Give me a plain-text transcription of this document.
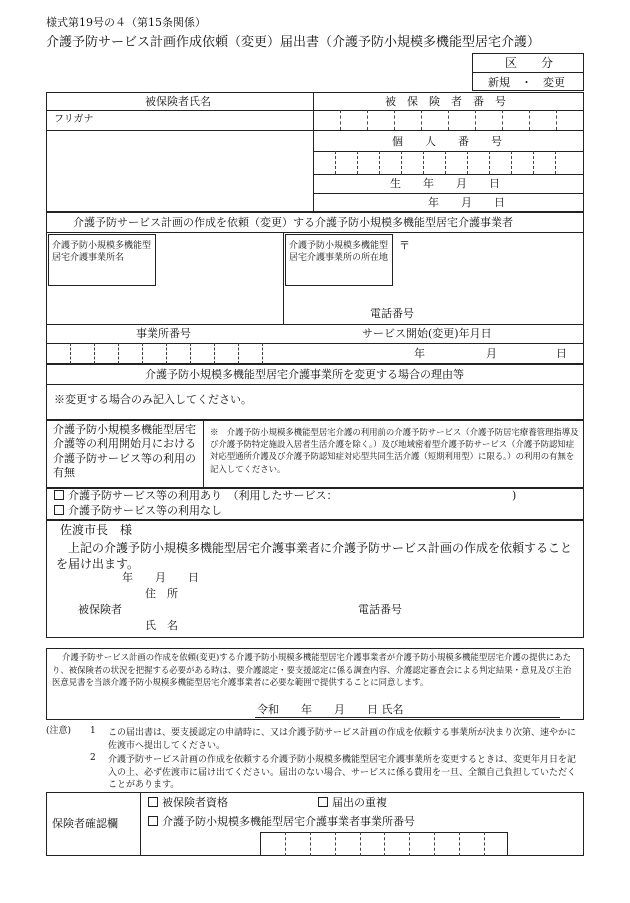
様式第19号の４（第15条関係）
介護予防サービス計画作成依頼（変更）届出書（介護予防小規模多機能型居宅介護）
区　　分
新規　・　変更
被保険者氏名	被　保　険　者　番　号
フリガナ
個　　人　　番　　号
生　　年　　月　　日
年　　月　　日
介護予防サービス計画の作成を依頼（変更）する介護予防小規模多機能型居宅介護事業者
介護予防小規模多機能型居宅介護事業所名
介護予防小規模多機能型居宅介護事業所の所在地
〒
電話番号
事業所番号	サービス開始(変更)年月日
年	月	日
介護予防小規模多機能型居宅介護事業所を変更する場合の理由等
※変更する場合のみ記入してください。
介護予防小規模多機能型居宅介護等の利用開始月における介護予防サービス等の利用の有無
※　介護予防小規模多機能型居宅介護の利用前の介護予防サービス（介護予防居宅療養管理指導及び介護予防特定施設入居者生活介護を除く。）及び地域密着型介護予防サービス（介護予防認知症対応型通所介護及び介護予防認知症対応型共同生活介護（短期利用型）に限る。）の利用の有無を記入してください。
介護予防サービス等の利用あり　（利用したサービス：	)
介護予防サービス等の利用なし
佐渡市長　様
上記の介護予防小規模多機能型居宅介護事業者に介護予防サービス計画の作成を依頼することを届け出ます。
年　　月　　日
住　所
被保険者	電話番号
氏　名
介護予防サービス計画の作成を依頼(変更)する介護予防小規模多機能型居宅介護事業者が介護予防小規模多機能型居宅介護の提供にあたり、被保険者の状況を把握する必要がある時は、要介護認定・要支援認定に係る調査内容、介護認定審査会による判定結果・意見及び主治医意見書を当該介護予防小規模多機能型居宅介護事業者に必要な範囲で提供することに同意します。
令和　　年　　月　　日 氏名
(注意) 1 この届出書は、要支援認定の申請時に、又は介護予防サービス計画の作成を依頼する事業所が決まり次第、速やかに佐渡市へ提出してください。
2 介護予防サービス計画の作成を依頼する介護予防小規模多機能型居宅介護事業所を変更するときは、変更年月日を記入の上、必ず佐渡市に届け出てください。届出のない場合、サービスに係る費用を一旦、全額自己負担していただくことがあります。
保険者確認欄
被保険者資格	届出の重複
介護予防小規模多機能型居宅介護事業者事業所番号
